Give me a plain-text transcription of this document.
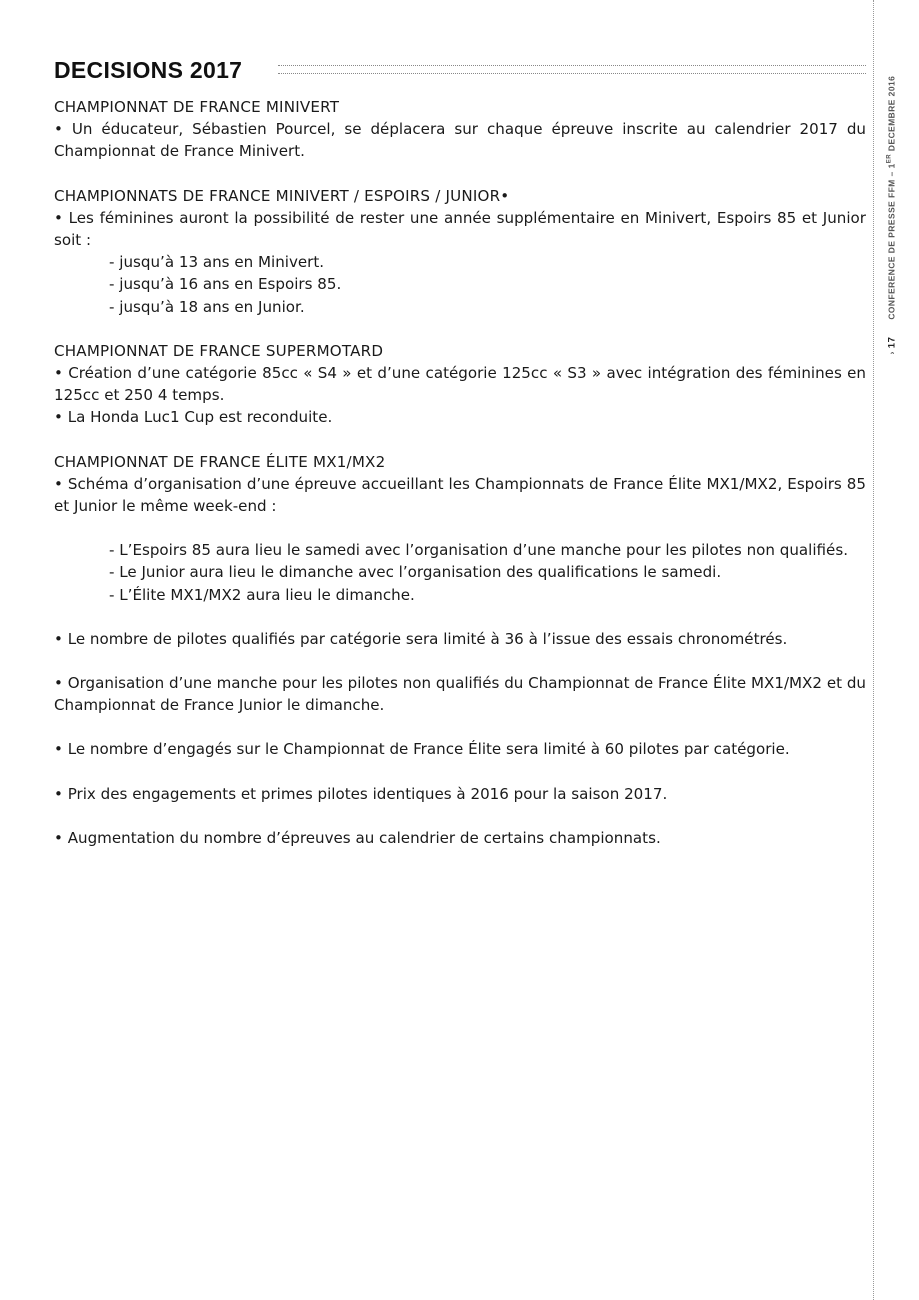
DECISIONS 2017
› 17      CONFERENCE DE PRESSE FFM – 1ER DECEMBRE 2016

CHAMPIONNAT DE FRANCE MINIVERT

• Un éducateur, Sébastien Pourcel, se déplacera sur chaque épreuve inscrite au calendrier 2017 du Championnat de France Minivert.

CHAMPIONNATS DE FRANCE MINIVERT / ESPOIRS / JUNIOR•

• Les féminines auront la possibilité de rester une année supplémentaire en Minivert, Espoirs 85 et Junior soit :

- jusqu’à 13 ans en Minivert.

- jusqu’à 16 ans en Espoirs 85.

- jusqu’à 18 ans en Junior.

CHAMPIONNAT DE FRANCE SUPERMOTARD

• Création d’une catégorie 85cc « S4 » et d’une catégorie 125cc « S3 » avec intégration des féminines en 125cc et 250 4 temps.

• La Honda Luc1 Cup est reconduite.

CHAMPIONNAT DE FRANCE ÉLITE MX1/MX2

• Schéma d’organisation d’une épreuve accueillant les Championnats de France Élite MX1/MX2, Espoirs 85 et Junior le même week-end :

- L’Espoirs 85 aura lieu le samedi avec l’organisation d’une manche pour les pilotes non qualifiés.

- Le Junior aura lieu le dimanche avec l’organisation des qualifications le samedi.

- L’Élite MX1/MX2 aura lieu le dimanche.

• Le nombre de pilotes qualifiés par catégorie sera limité à 36 à l’issue des essais chronométrés.

• Organisation d’une manche pour les pilotes non qualifiés du Championnat de France Élite MX1/MX2 et du Championnat de France Junior le dimanche.

• Le nombre d’engagés sur le Championnat de France Élite sera limité à 60 pilotes par catégorie.

• Prix des engagements et primes pilotes identiques à 2016 pour la saison 2017.

• Augmentation du nombre d’épreuves au calendrier de certains championnats.
